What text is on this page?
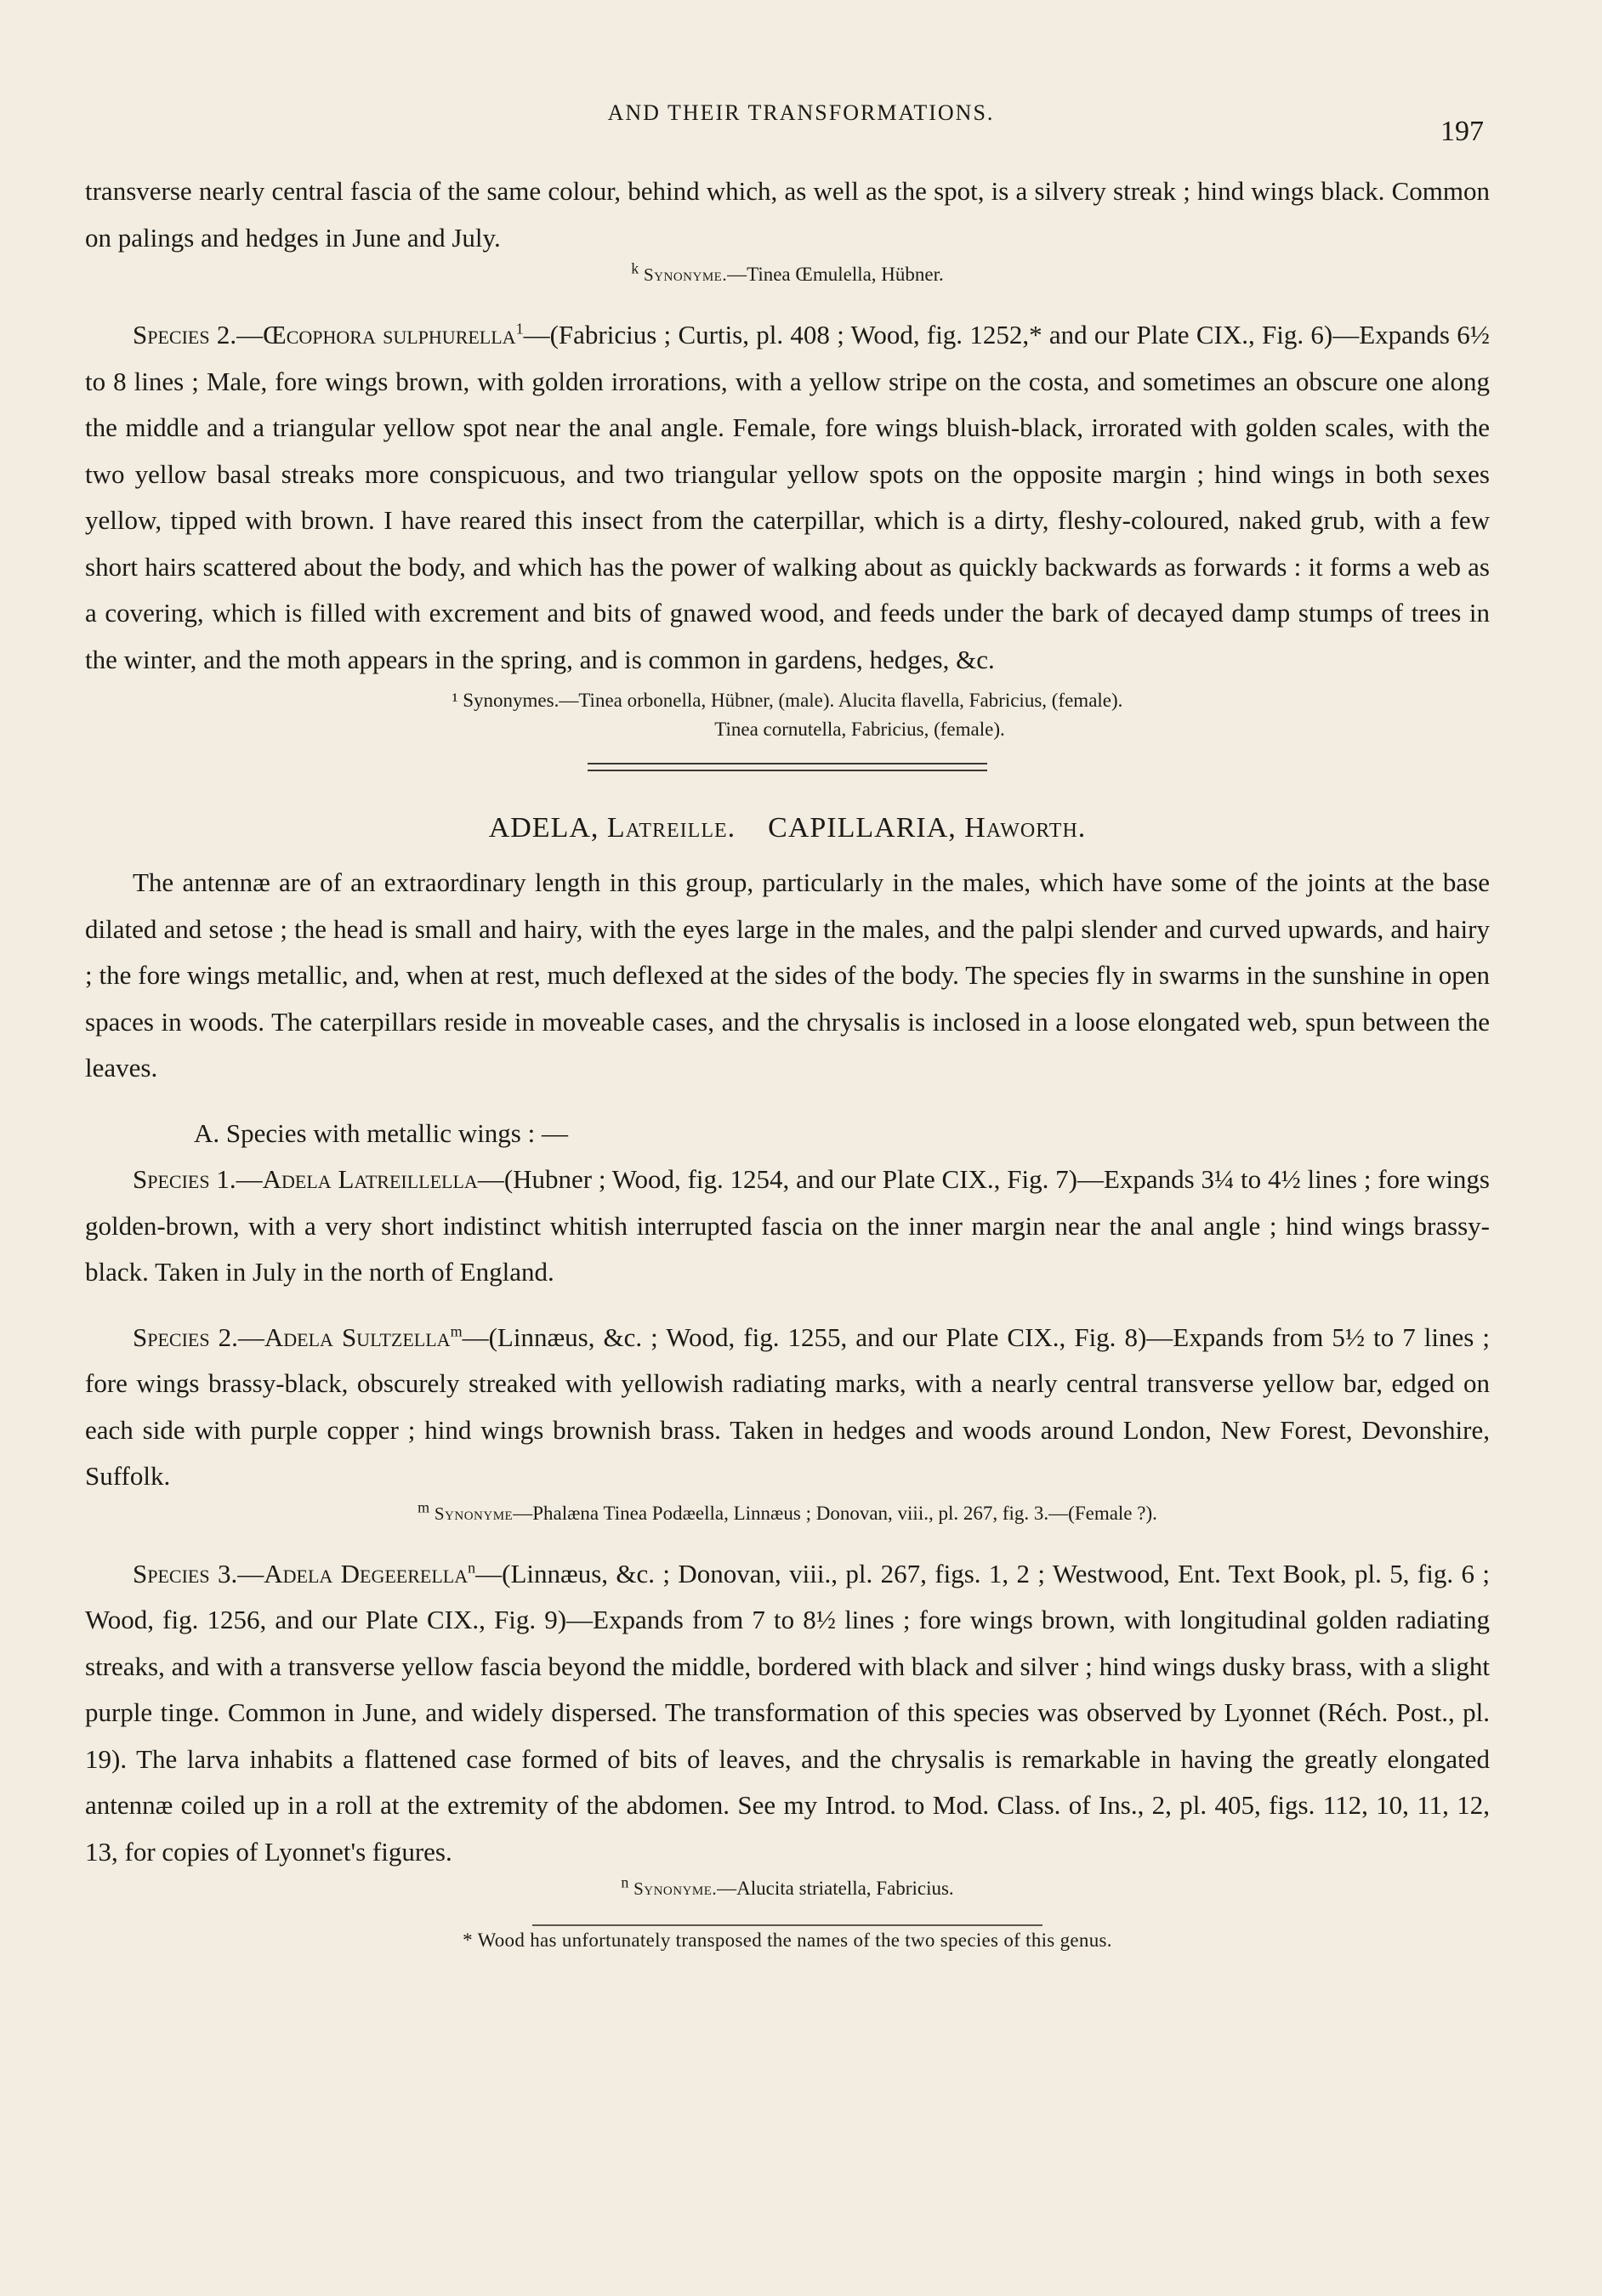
AND THEIR TRANSFORMATIONS.
197

transverse nearly central fascia of the same colour, behind which, as well as the spot, is a silvery streak ; hind wings black. Common on palings and hedges in June and July.

$^k$ Synonyme.—Tinea Œmulella, Hübner.

Species 2.—Œcophora sulphurella$^1$—(Fabricius ; Curtis, pl. 408 ; Wood, fig. 1252,* and our Plate CIX., Fig. 6)—Expands 6½ to 8 lines ; Male, fore wings brown, with golden irrorations, with a yellow stripe on the costa, and sometimes an obscure one along the middle and a triangular yellow spot near the anal angle. Female, fore wings bluish-black, irrorated with golden scales, with the two yellow basal streaks more conspicuous, and two triangular yellow spots on the opposite margin ; hind wings in both sexes yellow, tipped with brown. I have reared this insect from the caterpillar, which is a dirty, fleshy-coloured, naked grub, with a few short hairs scattered about the body, and which has the power of walking about as quickly backwards as forwards : it forms a web as a covering, which is filled with excrement and bits of gnawed wood, and feeds under the bark of decayed damp stumps of trees in the winter, and the moth appears in the spring, and is common in gardens, hedges, &c.

¹ Synonymes.—Tinea orbonella, Hübner, (male). Alucita flavella, Fabricius, (female).
Tinea cornutella, Fabricius, (female).
ADELA, Latreille. CAPILLARIA, Haworth.

The antennæ are of an extraordinary length in this group, particularly in the males, which have some of the joints at the base dilated and setose ; the head is small and hairy, with the eyes large in the males, and the palpi slender and curved upwards, and hairy ; the fore wings metallic, and, when at rest, much deflexed at the sides of the body. The species fly in swarms in the sunshine in open spaces in woods. The caterpillars reside in moveable cases, and the chrysalis is inclosed in a loose elongated web, spun between the leaves.

A. Species with metallic wings : —

Species 1.—Adela Latreillella—(Hubner ; Wood, fig. 1254, and our Plate CIX., Fig. 7)—Expands 3¼ to 4½ lines ; fore wings golden-brown, with a very short indistinct whitish interrupted fascia on the inner margin near the anal angle ; hind wings brassy-black. Taken in July in the north of England.

Species 2.—Adela Sultzella$^m$—(Linnæus, &c. ; Wood, fig. 1255, and our Plate CIX., Fig. 8)—Expands from 5½ to 7 lines ; fore wings brassy-black, obscurely streaked with yellowish radiating marks, with a nearly central transverse yellow bar, edged on each side with purple copper ; hind wings brownish brass. Taken in hedges and woods around London, New Forest, Devonshire, Suffolk.

$^m$ Synonyme—Phalæna Tinea Podæella, Linnæus ; Donovan, viii., pl. 267, fig. 3.—(Female ?).

Species 3.—Adela Degeerella$^n$—(Linnæus, &c. ; Donovan, viii., pl. 267, figs. 1, 2 ; Westwood, Ent. Text Book, pl. 5, fig. 6 ; Wood, fig. 1256, and our Plate CIX., Fig. 9)—Expands from 7 to 8½ lines ; fore wings brown, with longitudinal golden radiating streaks, and with a transverse yellow fascia beyond the middle, bordered with black and silver ; hind wings dusky brass, with a slight purple tinge. Common in June, and widely dispersed. The transformation of this species was observed by Lyonnet (Réch. Post., pl. 19). The larva inhabits a flattened case formed of bits of leaves, and the chrysalis is remarkable in having the greatly elongated antennæ coiled up in a roll at the extremity of the abdomen. See my Introd. to Mod. Class. of Ins., 2, pl. 405, figs. 112, 10, 11, 12, 13, for copies of Lyonnet's figures.

$^n$ Synonyme.—Alucita striatella, Fabricius.

* Wood has unfortunately transposed the names of the two species of this genus.
